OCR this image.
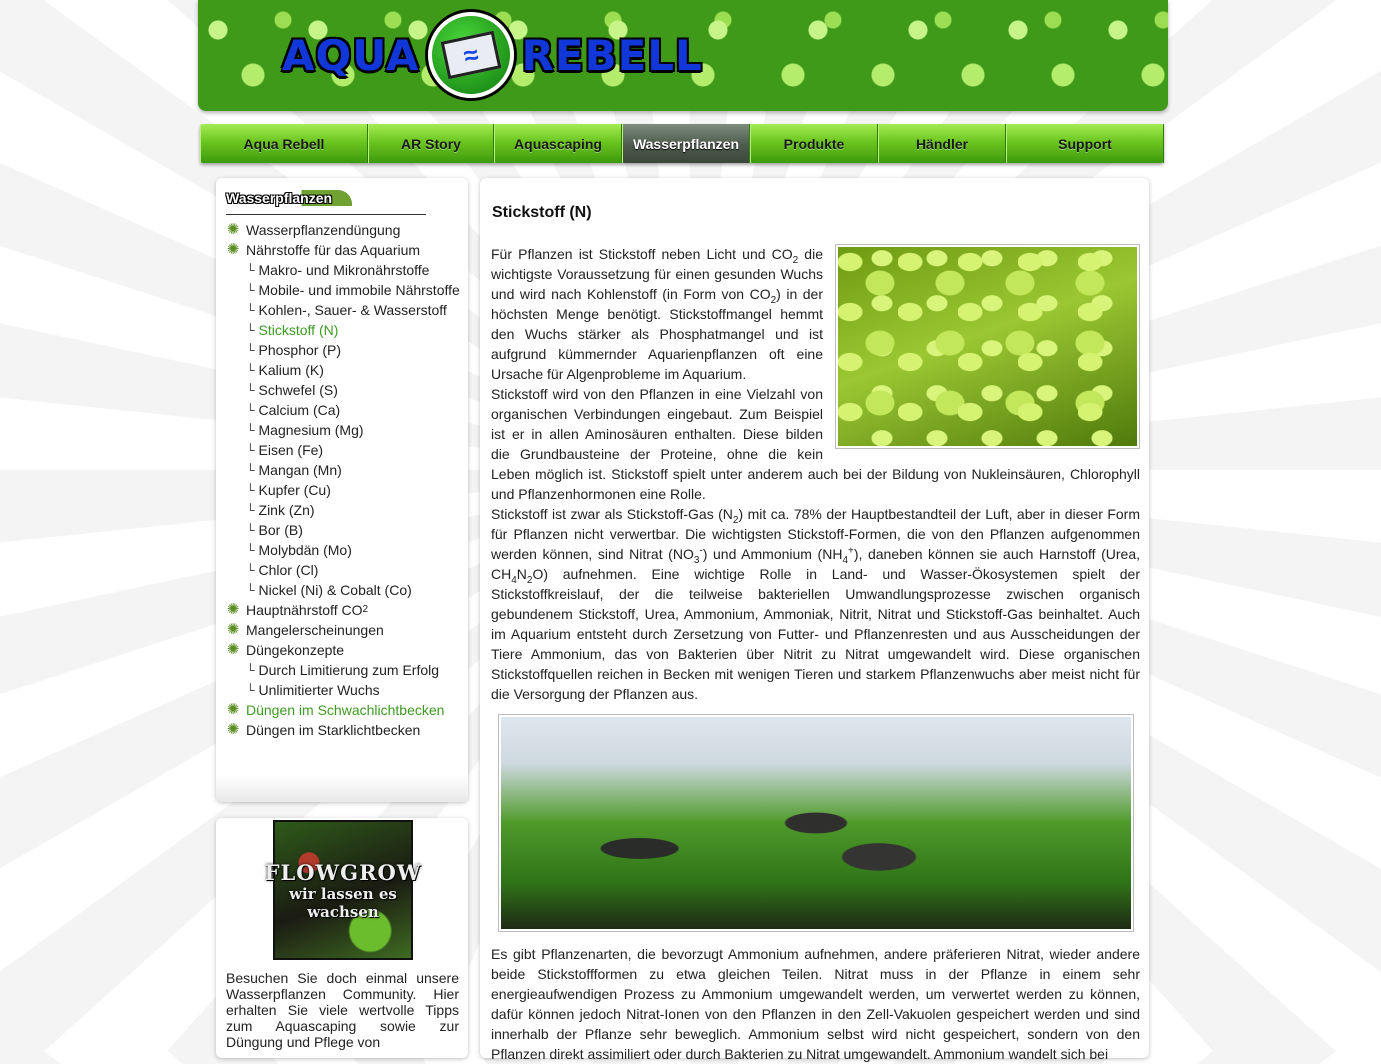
AQUA	≈ REBELL
Aqua Rebell	AR Story	Aquascaping	Wasserpflanzen	Produkte	Händler	Support
Wasserpflanzen
✺ Wasserpflanzendüngung
✺ Nährstoffe für das Aquarium
└ Makro- und Mikronährstoffe
└ Mobile- und immobile Nährstoffe
└ Kohlen-, Sauer- & Wasserstoff
└ Stickstoff (N)
└ Phosphor (P)
└ Kalium (K)
└ Schwefel (S)
└ Calcium (Ca)
└ Magnesium (Mg)
└ Eisen (Fe)
└ Mangan (Mn)
└ Kupfer (Cu)
└ Zink (Zn)
└ Bor (B)
└ Molybdän (Mo)
└ Chlor (Cl)
└ Nickel (Ni) & Cobalt (Co)
✺ Hauptnährstoff CO 2
✺ Mangelerscheinungen
✺ Düngekonzepte
└ Durch Limitierung zum Erfolg
└ Unlimitierter Wuchs
✺ Düngen im Schwachlichtbecken
✺ Düngen im Starklichtbecken
FLOWGROW
wir lassen es wachsen

Besuchen Sie doch einmal unsere Wasserpflanzen Community. Hier erhalten Sie viele wertvolle Tipps zum Aquascaping sowie zur Düngung und Pflege von

Stickstoff (N)

Für Pflanzen ist Stickstoff neben Licht und $CO_2$ die wichtigste Voraussetzung für einen gesunden Wuchs und wird nach Kohlenstoff (in Form von $CO_2$) in der höchsten Menge benötigt. Stickstoffmangel hemmt den Wuchs stärker als Phosphatmangel und ist aufgrund kümmernder Aquarienpflanzen oft eine Ursache für Algenprobleme im Aquarium.

Stickstoff wird von den Pflanzen in eine Vielzahl von organischen Verbindungen eingebaut. Zum Beispiel ist er in allen Aminosäuren enthalten. Diese bilden die Grundbausteine der Proteine, ohne die kein Leben möglich ist. Stickstoff spielt unter anderem auch bei der Bildung von Nukleinsäuren, Chlorophyll und Pflanzenhormonen eine Rolle.

Stickstoff ist zwar als Stickstoff-Gas $(N_2)$ mit ca. 78% der Hauptbestandteil der Luft, aber in dieser Form für Pflanzen nicht verwertbar. Die wichtigsten Stickstoff-Formen, die von den Pflanzen aufgenommen werden können, sind Nitrat $(NO_3^-)$ und Ammonium $(NH_4^+)$, daneben können sie auch Harnstoff (Urea, $CH_4N_2O$) aufnehmen. Eine wichtige Rolle in Land- und Wasser-Ökosystemen spielt der Stickstoffkreislauf, der die teilweise bakteriellen Umwandlungsprozesse zwischen organisch gebundenem Stickstoff, Urea, Ammonium, Ammoniak, Nitrit, Nitrat und Stickstoff-Gas beinhaltet. Auch im Aquarium entsteht durch Zersetzung von Futter- und Pflanzenresten und aus Ausscheidungen der Tiere Ammonium, das von Bakterien über Nitrit zu Nitrat umgewandelt wird. Diese organischen Stickstoffquellen reichen in Becken mit wenigen Tieren und starkem Pflanzenwuchs aber meist nicht für die Versorgung der Pflanzen aus.

Es gibt Pflanzenarten, die bevorzugt Ammonium aufnehmen, andere präferieren Nitrat, wieder andere beide Stickstoffformen zu etwa gleichen Teilen. Nitrat muss in der Pflanze in einem sehr energieaufwendigen Prozess zu Ammonium umgewandelt werden, um verwertet werden zu können, dafür können jedoch Nitrat-Ionen von den Pflanzen in den Zell-Vakuolen gespeichert werden und sind innerhalb der Pflanze sehr beweglich. Ammonium selbst wird nicht gespeichert, sondern von den Pflanzen direkt assimiliert oder durch Bakterien zu Nitrat umgewandelt. Ammonium wandelt sich bei
